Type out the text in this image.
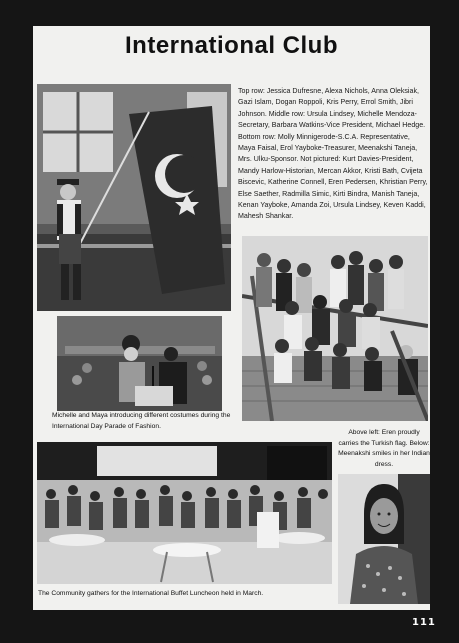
International Club

Top row: Jessica Dufresne, Alexa Nichols, Anna Oleksiak, Gazi Islam, Dogan Roppoli, Kris Perry, Errol Smith, Jibri Johnson. Middle row: Ursula Lindsey, Michelle Mendoza-Secretary, Barbara Watkins-Vice President, Michael Hedge. Bottom row: Molly Minnigerode-S.C.A. Representative, Maya Faisal, Erol Yayboke-Treasurer, Meenakshi Taneja, Mrs. Ulku-Sponsor. Not pictured: Kurt Davies-President, Mandy Harlow-Historian, Mercan Akkor, Kristi Bath, Cvijeta Biscevic, Katherine Connell, Eren Pedersen, Khristian Perry, Else Saether, Radmilla Simic, Kirti Bindra, Manish Taneja, Kenan Yayboke, Amanda Zoi, Ursula Lindsey, Keven Kaddi, Mahesh Shankar.

Michelle and Maya introducing different costumes during the International Day Parade of Fashion.

The Community gathers for the International Buffet Luncheon held in March.

Above left: Eren proudly carries the Turkish flag. Below: Meenakshi smiles in her Indian dress.

111
